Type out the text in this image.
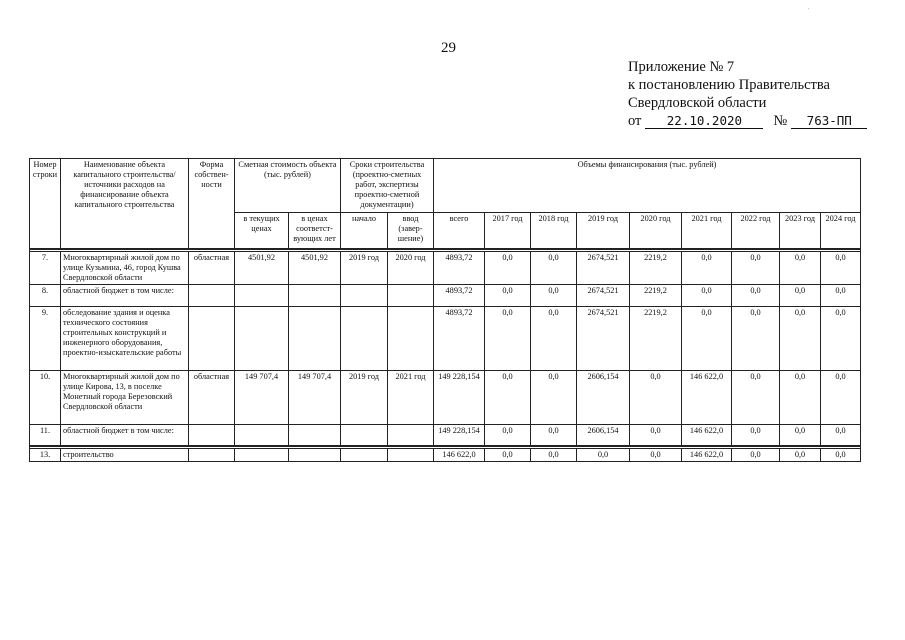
'
29
Приложение № 7
к постановлению Правительства
Свердловской области
от 22.10.2020 № 763-ПП
Номер строки	Наименование объекта капитального строительства/ источники расходов на финансирование объекта капитального строительства	Форма собствен-ности	Сметная стоимость объекта (тыс. рублей)		Сроки строительства (проектно-сметных работ, экспертизы проектно-сметной документации)		Объемы финансирования (тыс. рублей)								
			в текущих ценах	в ценах соответст-вующих лет	начало	ввод (завер-шение)	всего	2017 год	2018 год	2019 год	2020 год	2021 год	2022 год	2023 год	2024 год

7.	Многоквартирный жилой дом по улице Кузьмина, 46, город Кушва Свердловской области	областная	4501,92	4501,92	2019 год	2020 год	4893,72	0,0	0,0	2674,521	2219,2	0,0	0,0	0,0	0,0
8.	областной бюджет в том числе:						4893,72	0,0	0,0	2674,521	2219,2	0,0	0,0	0,0	0,0
9.	обследование здания и оценка технического состояния строительных конструкций и инженерного оборудования, проектно-изыскательские работы						4893,72	0,0	0,0	2674,521	2219,2	0,0	0,0	0,0	0,0
10.	Многоквартирный жилой дом по улице Кирова, 13, в поселке Монетный города Березовский Свердловской области	областная	149 707,4	149 707,4	2019 год	2021 год	149 228,154	0,0	0,0	2606,154	0,0	146 622,0	0,0	0,0	0,0
11.	областной бюджет в том числе:						149 228,154	0,0	0,0	2606,154	0,0	146 622,0	0,0	0,0	0,0

13.	строительство						146 622,0	0,0	0,0	0,0	0,0	146 622,0	0,0	0,0	0,0
